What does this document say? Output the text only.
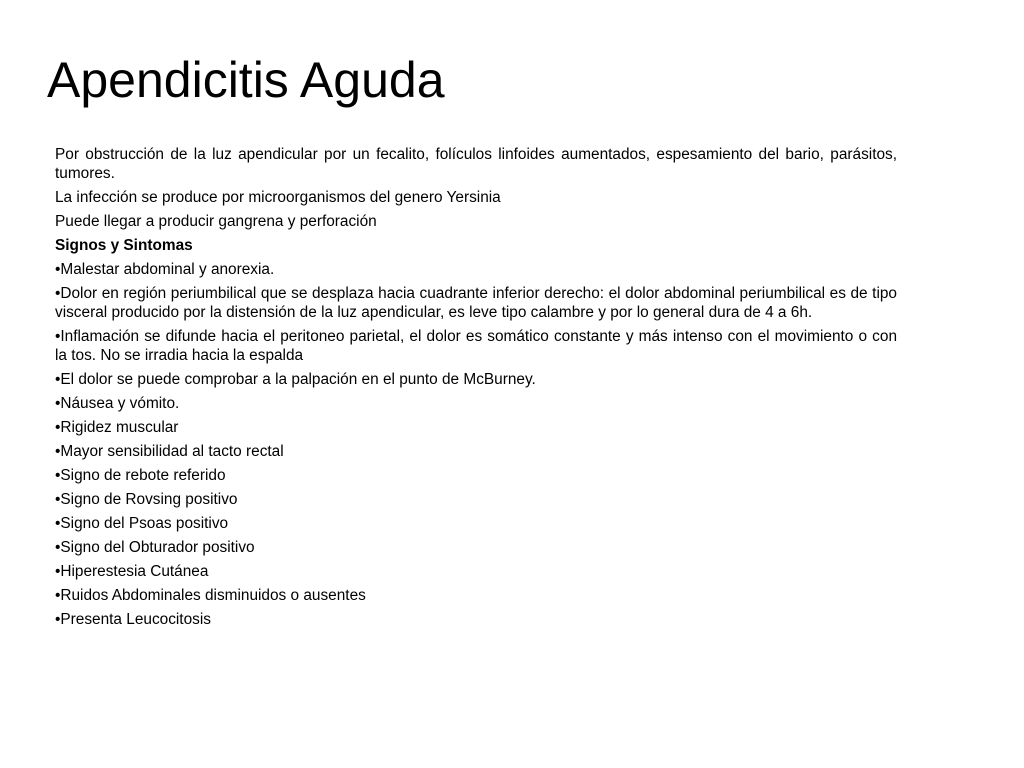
Apendicitis Aguda

Por obstrucción de la luz apendicular por un fecalito, folículos linfoides aumentados, espesamiento del bario, parásitos, tumores.

La infección se produce por microorganismos del genero Yersinia

Puede llegar a producir gangrena y perforación

Signos y Sintomas

•Malestar abdominal y anorexia.

•Dolor en región periumbilical que se desplaza hacia cuadrante inferior derecho: el dolor abdominal periumbilical es de tipo visceral producido por la distensión de la luz apendicular, es leve tipo calambre y por lo general dura de 4 a 6h.

•Inflamación se difunde hacia el peritoneo parietal, el dolor es somático constante y más intenso con el movimiento o con la tos. No se irradia hacia la espalda

•El dolor se puede comprobar a la palpación en el punto de McBurney.

•Náusea y vómito.

•Rigidez muscular

•Mayor sensibilidad al tacto rectal

•Signo de rebote referido

•Signo de Rovsing positivo

•Signo del Psoas positivo

•Signo del Obturador positivo

•Hiperestesia Cutánea

•Ruidos Abdominales disminuidos o ausentes

•Presenta Leucocitosis
